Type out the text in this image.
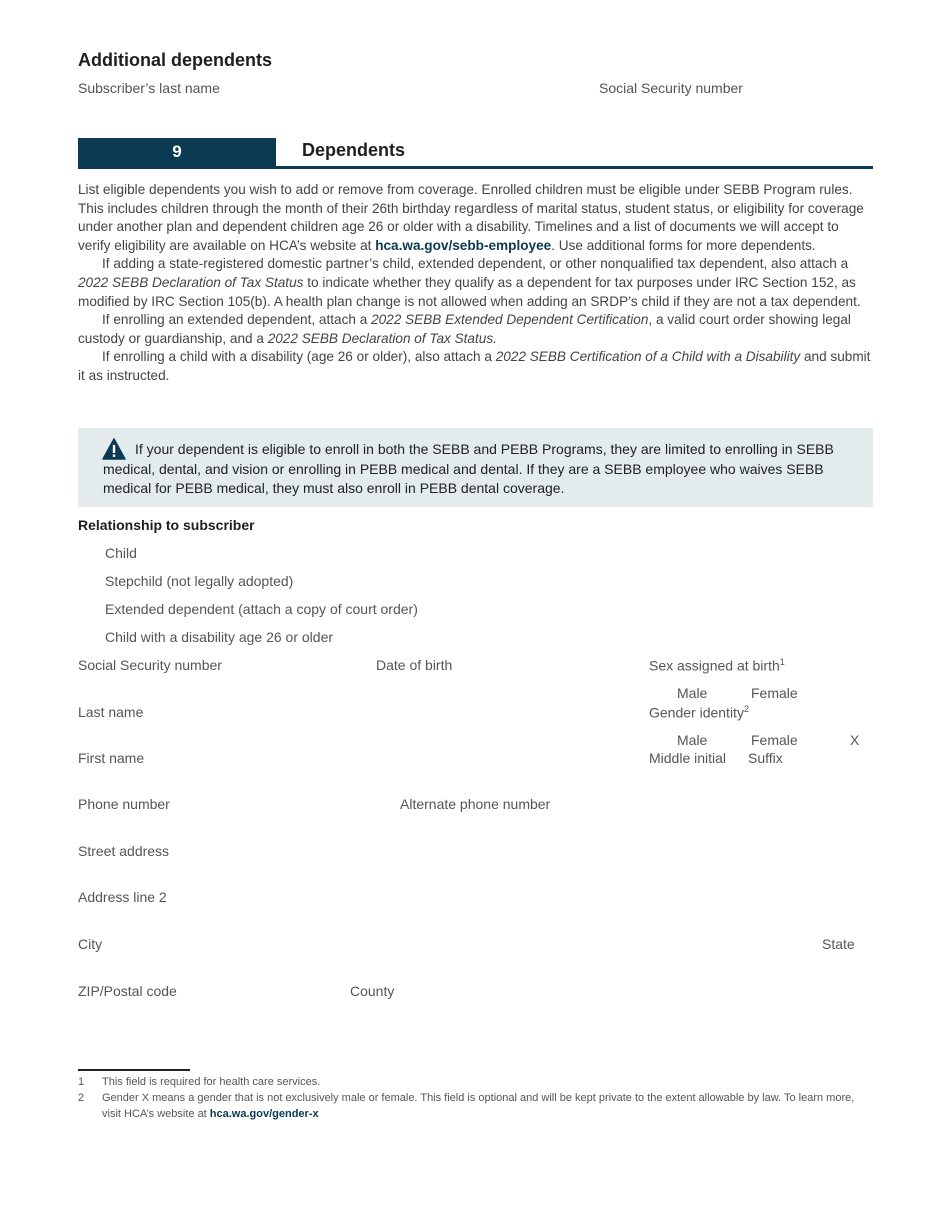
Additional dependents
Subscriber’s last name	Social Security number
9	Dependents

List eligible dependents you wish to add or remove from coverage. Enrolled children must be eligible under SEBB Program rules. This includes children through the month of their 26th birthday regardless of marital status, student status, or eligibility for coverage under another plan and dependent children age 26 or older with a disability. Timelines and a list of documents we will accept to verify eligibility are available on HCA’s website at hca.wa.gov/sebb-employee. Use additional forms for more dependents.

If adding a state-registered domestic partner’s child, extended dependent, or other nonqualified tax dependent, also attach a 2022 SEBB Declaration of Tax Status to indicate whether they qualify as a dependent for tax purposes under IRC Section 152, as modified by IRC Section 105(b). A health plan change is not allowed when adding an SRDP’s child if they are not a tax dependent.

If enrolling an extended dependent, attach a 2022 SEBB Extended Dependent Certification, a valid court order showing legal custody or guardianship, and a 2022 SEBB Declaration of Tax Status.

If enrolling a child with a disability (age 26 or older), also attach a 2022 SEBB Certification of a Child with a Disability and submit it as instructed.

If your dependent is eligible to enroll in both the SEBB and PEBB Programs, they are limited to enrolling in SEBB medical, dental, and vision or enrolling in PEBB medical and dental. If they are a SEBB employee who waives SEBB medical for PEBB medical, they must also enroll in PEBB dental coverage.
Relationship to subscriber
Child
Stepchild (not legally adopted)
Extended dependent (attach a copy of court order)
Child with a disability age 26 or older
Social Security number	Date of birth	Sex assigned at birth$^1$
Male	Female
Last name	Gender identity$^2$
Male	Female	X
First name	Middle initial Suffix
Phone number	Alternate phone number
Street address
Address line 2
City	State
ZIP/Postal code	County
1 This field is required for health care services.
2 Gender X means a gender that is not exclusively male or female. This field is optional and will be kept private to the extent allowable by law. To learn more, visit HCA’s website at hca.wa.gov/gender-x
